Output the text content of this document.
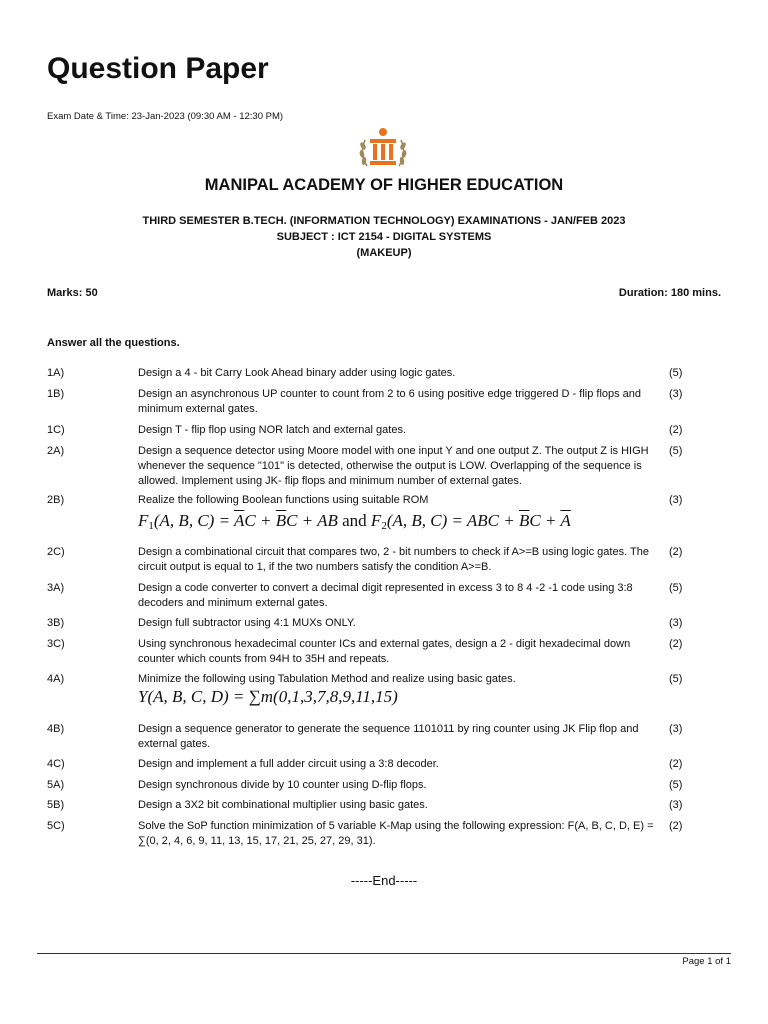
Question Paper
Exam Date & Time: 23-Jan-2023 (09:30 AM - 12:30 PM)
MANIPAL ACADEMY OF HIGHER EDUCATION
THIRD SEMESTER B.TECH. (INFORMATION TECHNOLOGY) EXAMINATIONS - JAN/FEB 2023
SUBJECT : ICT 2154 - DIGITAL SYSTEMS
(MAKEUP)
Marks: 50	Duration: 180 mins.
Answer all the questions.
1A)	Design a 4 - bit Carry Look Ahead binary adder using logic gates.	(5)
1B)	Design an asynchronous UP counter to count from 2 to 6 using positive edge triggered D - flip flops and minimum external gates.
(3)
1C)	Design T - flip flop using NOR latch and external gates.	(2)
2A)	Design a sequence detector using Moore model with one input Y and one output Z. The output Z is HIGH whenever the sequence "101" is detected, otherwise the output is LOW. Overlapping of the sequence is allowed. Implement using JK- flip flops and minimum number of external gates.
(5)
2B)	Realize the following Boolean functions using suitable ROM	(3)
F1(A, B, $C) = \overline{A}C + \overline{B}C$ + AB and F2(A, B, C) = ABC + $\overline{B}C + \overline{A}$
2C)	Design a combinational circuit that compares two, 2 - bit numbers to check if A>=B using logic gates. The circuit output is equal to 1, if the two numbers satisfy the condition A>=B.
(2)
3A)	Design a code converter to convert a decimal digit represented in excess 3 to 8 4 -2 -1 code using 3:8 decoders and minimum external gates.
(5)
3B)	Design full subtractor using 4:1 MUXs ONLY.	(3)
3C)	Using synchronous hexadecimal counter ICs and external gates, design a 2 - digit hexadecimal down counter which counts from 94H to 35H and repeats.
(2)
4A)	Minimize the following using Tabulation Method and realize using basic gates.	(5)
Y(A, B, C, D) = ∑m(0,1,3,7,8,9,11,15)
4B)	Design a sequence generator to generate the sequence 1101011 by ring counter using JK Flip flop and external gates.
(3)
4C)	Design and implement a full adder circuit using a 3:8 decoder.	(2)
5A)	Design synchronous divide by 10 counter using D-flip flops.	(5)
5B)	Design a 3X2 bit combinational multiplier using basic gates.	(3)
5C)	Solve the SoP function minimization of 5 variable K-Map using the following expression: F(A, B, C, D, E) = ∑(0, 2, 4, 6, 9, 11, 13, 15, 17, 21, 25, 27, 29, 31).
(2)
-----End-----
Page 1 of 1
